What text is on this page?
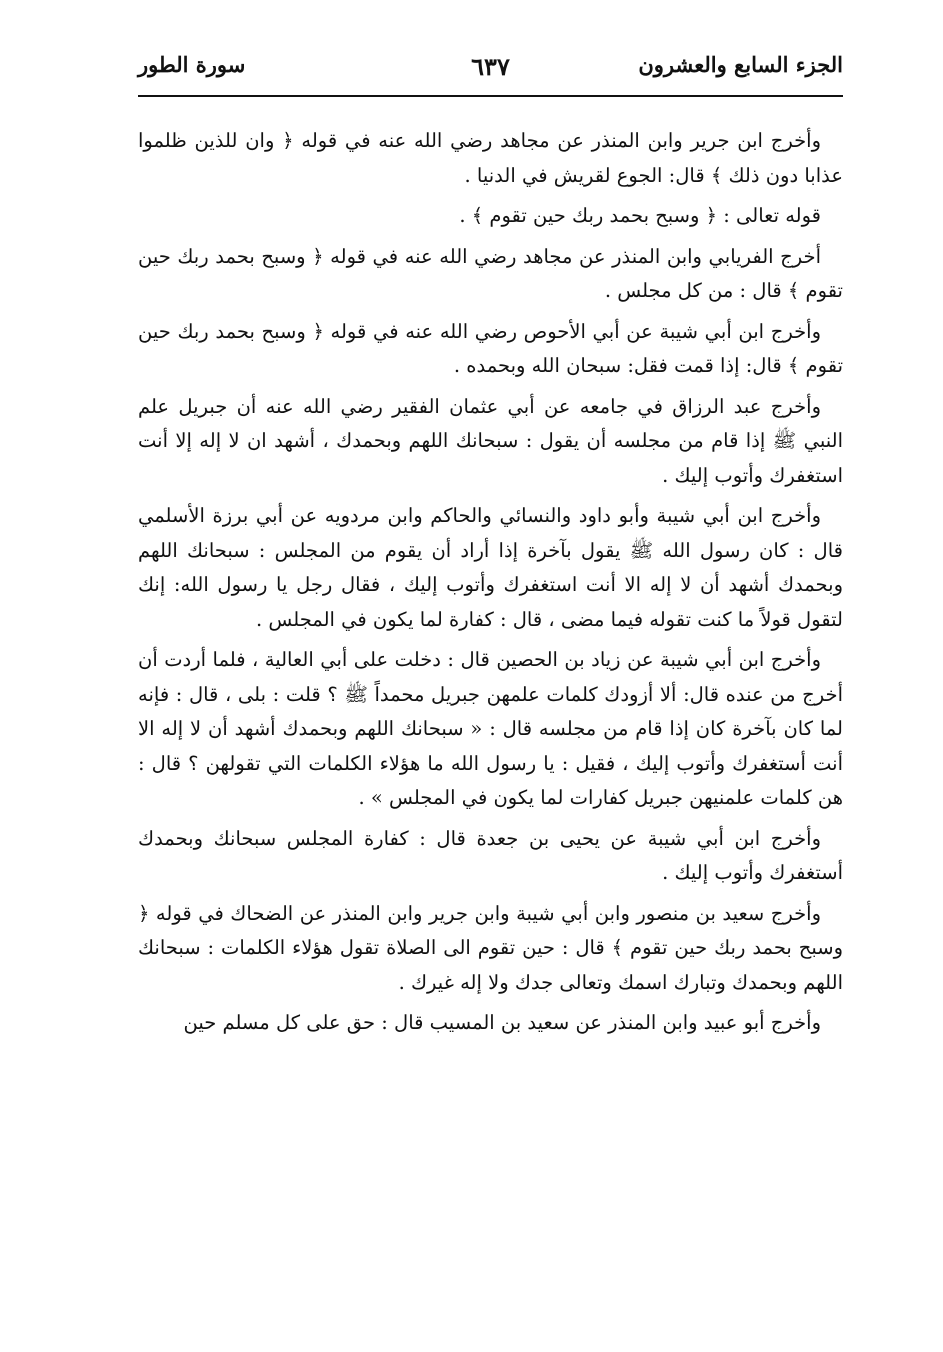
الجزء السابع والعشرون
٦٣٧
سورة الطور

وأخرج ابن جرير وابن المنذر عن مجاهد رضي الله عنه في قوله ﴿ وان للذين ظلموا عذابا دون ذلك ﴾ قال: الجوع لقريش في الدنيا .

قوله تعالى : ﴿ وسبح بحمد ربك حين تقوم ﴾ .

أخرج الفريابي وابن المنذر عن مجاهد رضي الله عنه في قوله ﴿ وسبح بحمد ربك حين تقوم ﴾ قال : من كل مجلس .

وأخرج ابن أبي شيبة عن أبي الأحوص رضي الله عنه في قوله ﴿ وسبح بحمد ربك حين تقوم ﴾ قال: إذا قمت فقل: سبحان الله وبحمده .

وأخرج عبد الرزاق في جامعه عن أبي عثمان الفقير رضي الله عنه أن جبريل علم النبي ﷺ إذا قام من مجلسه أن يقول : سبحانك اللهم وبحمدك ، أشهد ان لا إله إلا أنت استغفرك وأتوب إليك .

وأخرج ابن أبي شيبة وأبو داود والنسائي والحاكم وابن مردويه عن أبي برزة الأسلمي قال : كان رسول الله ﷺ يقول بآخرة إذا أراد أن يقوم من المجلس : سبحانك اللهم وبحمدك أشهد أن لا إله الا أنت استغفرك وأتوب إليك ، فقال رجل يا رسول الله: إنك لتقول قولاً ما كنت تقوله فيما مضى ، قال : كفارة لما يكون في المجلس .

وأخرج ابن أبي شيبة عن زياد بن الحصين قال : دخلت على أبي العالية ، فلما أردت أن أخرج من عنده قال: ألا أزودك كلمات علمهن جبريل محمداً ﷺ ؟ قلت : بلى ، قال : فإنه لما كان بآخرة كان إذا قام من مجلسه قال : « سبحانك اللهم وبحمدك أشهد أن لا إله الا أنت أستغفرك وأتوب إليك ، فقيل : يا رسول الله ما هؤلاء الكلمات التي تقولهن ؟ قال : هن كلمات علمنيهن جبريل كفارات لما يكون في المجلس » .

وأخرج ابن أبي شيبة عن يحيى بن جعدة قال : كفارة المجلس سبحانك وبحمدك أستغفرك وأتوب إليك .

وأخرج سعيد بن منصور وابن أبي شيبة وابن جرير وابن المنذر عن الضحاك في قوله ﴿ وسبح بحمد ربك حين تقوم ﴾ قال : حين تقوم الى الصلاة تقول هؤلاء الكلمات : سبحانك اللهم وبحمدك وتبارك اسمك وتعالى جدك ولا إله غيرك .

وأخرج أبو عبيد وابن المنذر عن سعيد بن المسيب قال : حق على كل مسلم حين
